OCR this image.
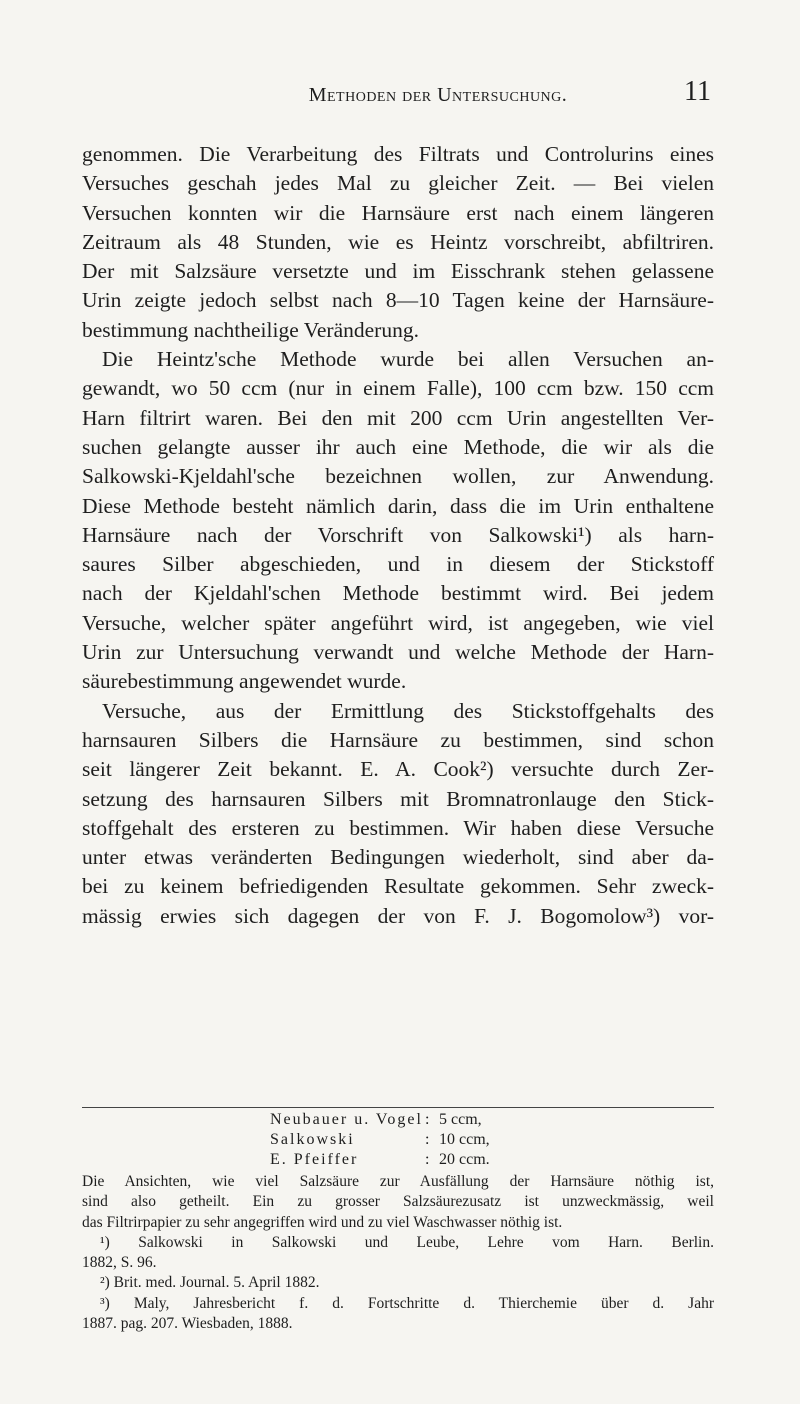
Methoden der Untersuchung.	11
genommen. Die Verarbeitung des Filtrats und Controlurins eines
Versuches geschah jedes Mal zu gleicher Zeit. — Bei vielen
Versuchen konnten wir die Harnsäure erst nach einem längeren
Zeitraum als 48 Stunden, wie es Heintz vorschreibt, abfiltriren.
Der mit Salzsäure versetzte und im Eisschrank stehen gelassene
Urin zeigte jedoch selbst nach 8—10 Tagen keine der Harnsäure-
bestimmung nachtheilige Veränderung.
Die Heintz'sche Methode wurde bei allen Versuchen an-
gewandt, wo 50 ccm (nur in einem Falle), 100 ccm bzw. 150 ccm
Harn filtrirt waren. Bei den mit 200 ccm Urin angestellten Ver-
suchen gelangte ausser ihr auch eine Methode, die wir als die
Salkowski-Kjeldahl'sche bezeichnen wollen, zur Anwendung.
Diese Methode besteht nämlich darin, dass die im Urin enthaltene
Harnsäure nach der Vorschrift von Salkowski¹) als harn-
saures Silber abgeschieden, und in diesem der Stickstoff
nach der Kjeldahl'schen Methode bestimmt wird. Bei jedem
Versuche, welcher später angeführt wird, ist angegeben, wie viel
Urin zur Untersuchung verwandt und welche Methode der Harn-
säurebestimmung angewendet wurde.
Versuche, aus der Ermittlung des Stickstoffgehalts des
harnsauren Silbers die Harnsäure zu bestimmen, sind schon
seit längerer Zeit bekannt. E. A. Cook²) versuchte durch Zer-
setzung des harnsauren Silbers mit Bromnatronlauge den Stick-
stoffgehalt des ersteren zu bestimmen. Wir haben diese Versuche
unter etwas veränderten Bedingungen wiederholt, sind aber da-
bei zu keinem befriedigenden Resultate gekommen. Sehr zweck-
mässig erwies sich dagegen der von F. J. Bogomolow³) vor-
Neubauer u. Vogel : 5 ccm,
Salkowski	: 10 ccm,
E. Pfeiffer	: 20 ccm.
Die Ansichten, wie viel Salzsäure zur Ausfällung der Harnsäure nöthig ist,
sind also getheilt. Ein zu grosser Salzsäurezusatz ist unzweckmässig, weil
das Filtrirpapier zu sehr angegriffen wird und zu viel Waschwasser nöthig ist.
¹) Salkowski in Salkowski und Leube, Lehre vom Harn. Berlin.
1882, S. 96.
²) Brit. med. Journal. 5. April 1882.
³) Maly, Jahresbericht f. d. Fortschritte d. Thierchemie über d. Jahr
1887. pag. 207. Wiesbaden, 1888.
